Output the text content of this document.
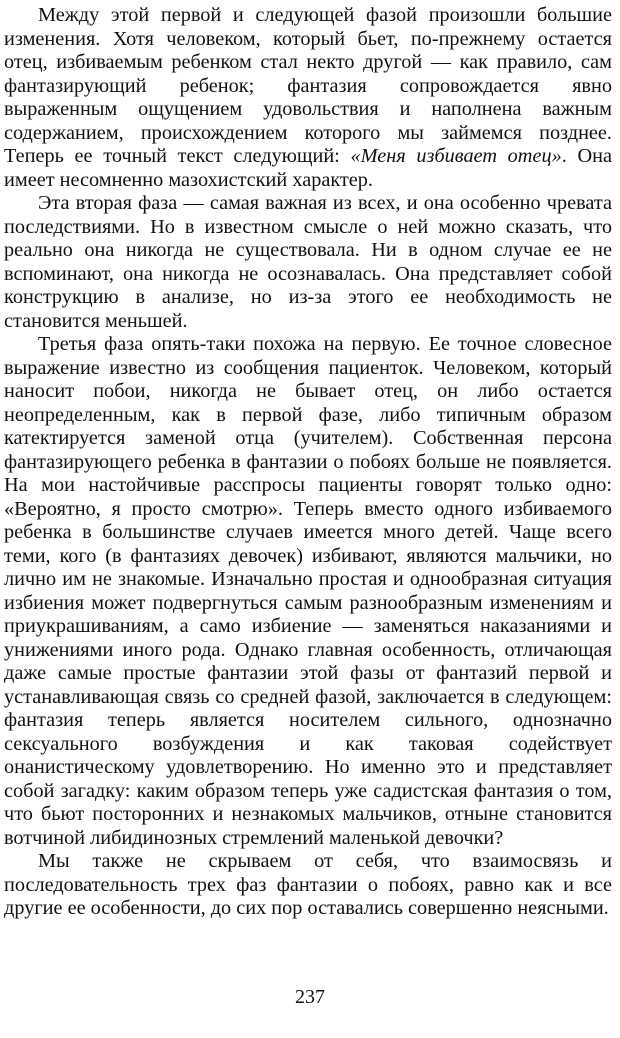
Между этой первой и следующей фазой произошли большие изменения. Хотя человеком, который бьет, по-прежнему остается отец, избиваемым ребенком стал некто другой — как правило, сам фантазирующий ребенок; фантазия сопровождается явно выраженным ощущением удовольствия и наполнена важным содержанием, происхождением которого мы займемся позднее. Теперь ее точный текст следующий: «Меня избивает отец». Она имеет несомненно мазохистский характер.

Эта вторая фаза — самая важная из всех, и она особенно чревата последствиями. Но в известном смысле о ней можно сказать, что реально она никогда не существовала. Ни в одном случае ее не вспоминают, она никогда не осознавалась. Она представляет собой конструкцию в анализе, но из-за этого ее необходимость не становится меньшей.

Третья фаза опять-таки похожа на первую. Ее точное словесное выражение известно из сообщения пациенток. Человеком, который наносит побои, никогда не бывает отец, он либо остается неопределенным, как в первой фазе, либо типичным образом катектируется заменой отца (учителем). Собственная персона фантазирующего ребенка в фантазии о побоях больше не появляется. На мои настойчивые расспросы пациенты говорят только одно: «Вероятно, я просто смотрю». Теперь вместо одного избиваемого ребенка в большинстве случаев имеется много детей. Чаще всего теми, кого (в фантазиях девочек) избивают, являются мальчики, но лично им не знакомые. Изначально простая и однообразная ситуация избиения может подвергнуться самым разнообразным изменениям и приукрашиваниям, а само избиение — заменяться наказаниями и унижениями иного рода. Однако главная особенность, отличающая даже самые простые фантазии этой фазы от фантазий первой и устанавливающая связь со средней фазой, заключается в следующем: фантазия теперь является носителем сильного, однозначно сексуального возбуждения и как таковая содействует онанистическому удовлетворению. Но именно это и представляет собой загадку: каким образом теперь уже садистская фантазия о том, что бьют посторонних и незнакомых мальчиков, отныне становится вотчиной либидинозных стремлений маленькой девочки?

Мы также не скрываем от себя, что взаимосвязь и последовательность трех фаз фантазии о побоях, равно как и все другие ее особенности, до сих пор оставались совершенно неясными.

237
